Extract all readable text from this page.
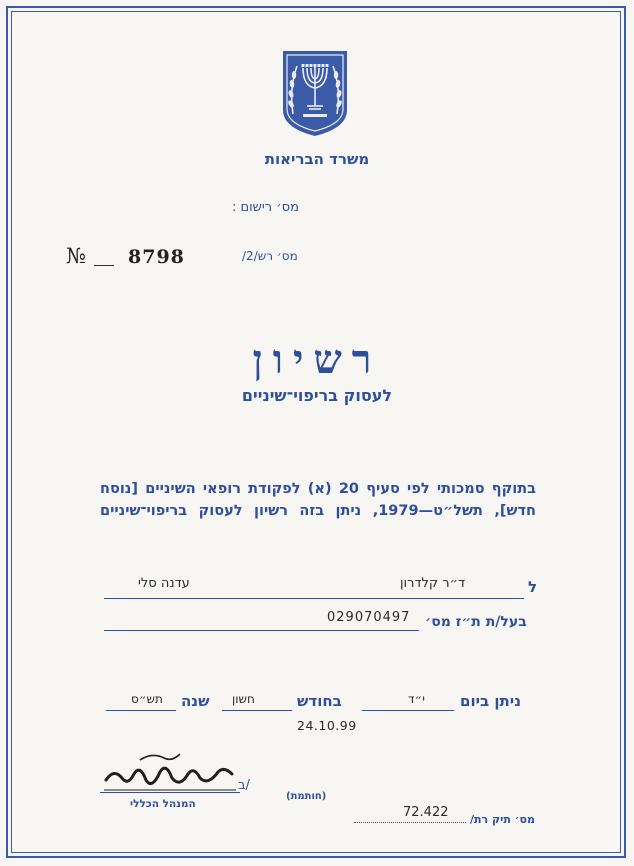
משרד הבריאות
מס׳ רישום :
מס׳ רש/2/
№ 8798
רשיון
לעסוק בריפוי־שיניים
בתוקף סמכותי לפי סעיף 20 (א) לפקודת רופאי השיניים [נוסח
חדש], תשל״ט—1979, ניתן בזה רשיון לעסוק בריפוי־שיניים
ל
ד״ר קלדרון
עדנה סלי
029070497 בעל/ת ת״ז מס׳
ניתן ביום
י״ד
בחודש
חשון
שנה
תש״ס
24.10.99
ב/
(חותמת)
המנהל הכללי
72.422 מס׳ תיק רת/
